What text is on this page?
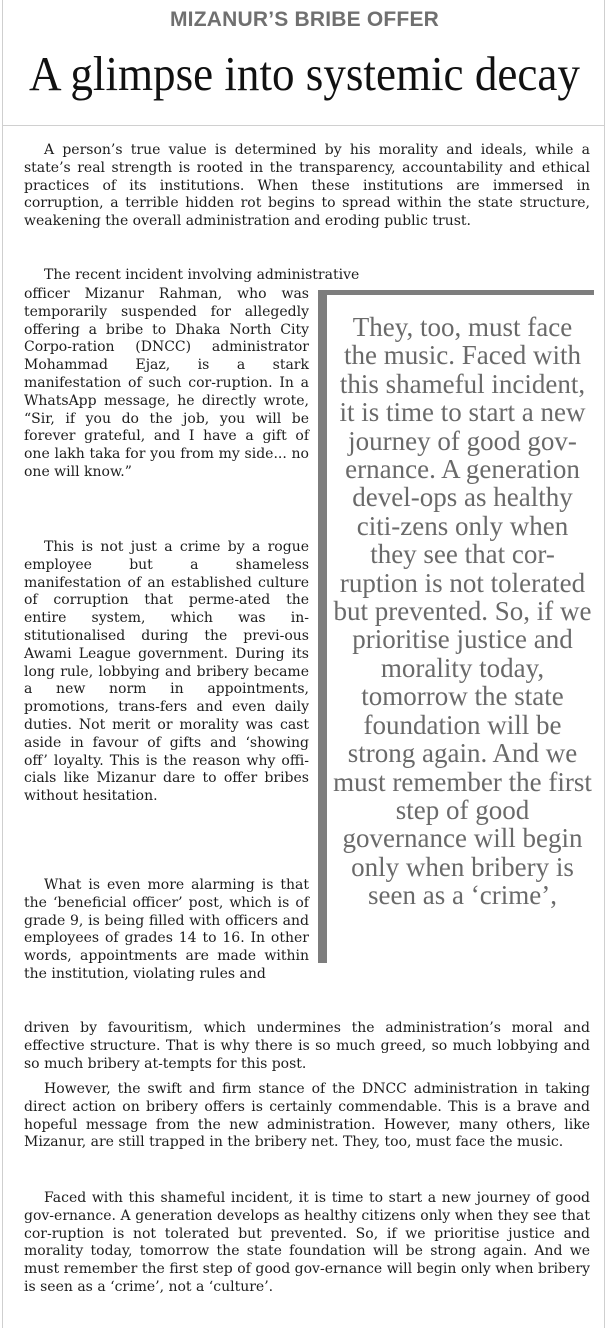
MIZANUR’S BRIBE OFFER
A glimpse into systemic decay

A person’s true value is determined by his morality and ideals, while a state’s real strength is rooted in the transparency, accountability and ethical practices of its institutions. When these institutions are immersed in corruption, a terrible hidden rot begins to spread within the state structure, weakening the overall administration and eroding public trust.

The recent incident involving administrative

officer Mizanur Rahman, who was temporarily suspended for allegedly offering a bribe to Dhaka North City Corpo-ration (DNCC) administrator Mohammad Ejaz, is a stark manifestation of such cor-ruption. In a WhatsApp message, he directly wrote, “Sir, if you do the job, you will be forever grateful, and I have a gift of one lakh taka for you from my side... no one will know.”

This is not just a crime by a rogue employee but a shameless manifestation of an established culture of corruption that perme-ated the entire system, which was in-stitutionalised during the previ-ous Awami League government. During its long rule, lobbying and bribery became a new norm in appointments, promotions, trans-fers and even daily duties. Not merit or morality was cast aside in favour of gifts and ‘showing off’ loyalty. This is the reason why offi-cials like Mizanur dare to offer bribes without hesitation.

What is even more alarming is that the ‘beneficial officer’ post, which is of grade 9, is being filled with officers and employees of grades 14 to 16. In other words, appointments are made within the institution, violating rules and

driven by favouritism, which undermines the administration’s moral and effective structure. That is why there is so much greed, so much lobbying and so much bribery at-tempts for this post.

However, the swift and firm stance of the DNCC administration in taking direct action on bribery offers is certainly commendable. This is a brave and hopeful message from the new administration. However, many others, like Mizanur, are still trapped in the bribery net. They, too, must face the music.

Faced with this shameful incident, it is time to start a new journey of good gov-ernance. A generation develops as healthy citizens only when they see that cor-ruption is not tolerated but prevented. So, if we prioritise justice and morality today, tomorrow the state foundation will be strong again. And we must remember the first step of good gov-ernance will begin only when bribery is seen as a ‘crime’, not a ‘culture’.

They, too, must face the music. Faced with this shameful incident, it is time to start a new journey of good gov-ernance. A generation devel-ops as healthy citi-zens only when they see that cor-ruption is not tolerated but prevented. So, if we prioritise justice and morality today, tomorrow the state foundation will be strong again. And we must remember the first step of good governance will begin only when bribery is seen as a ‘crime’,
